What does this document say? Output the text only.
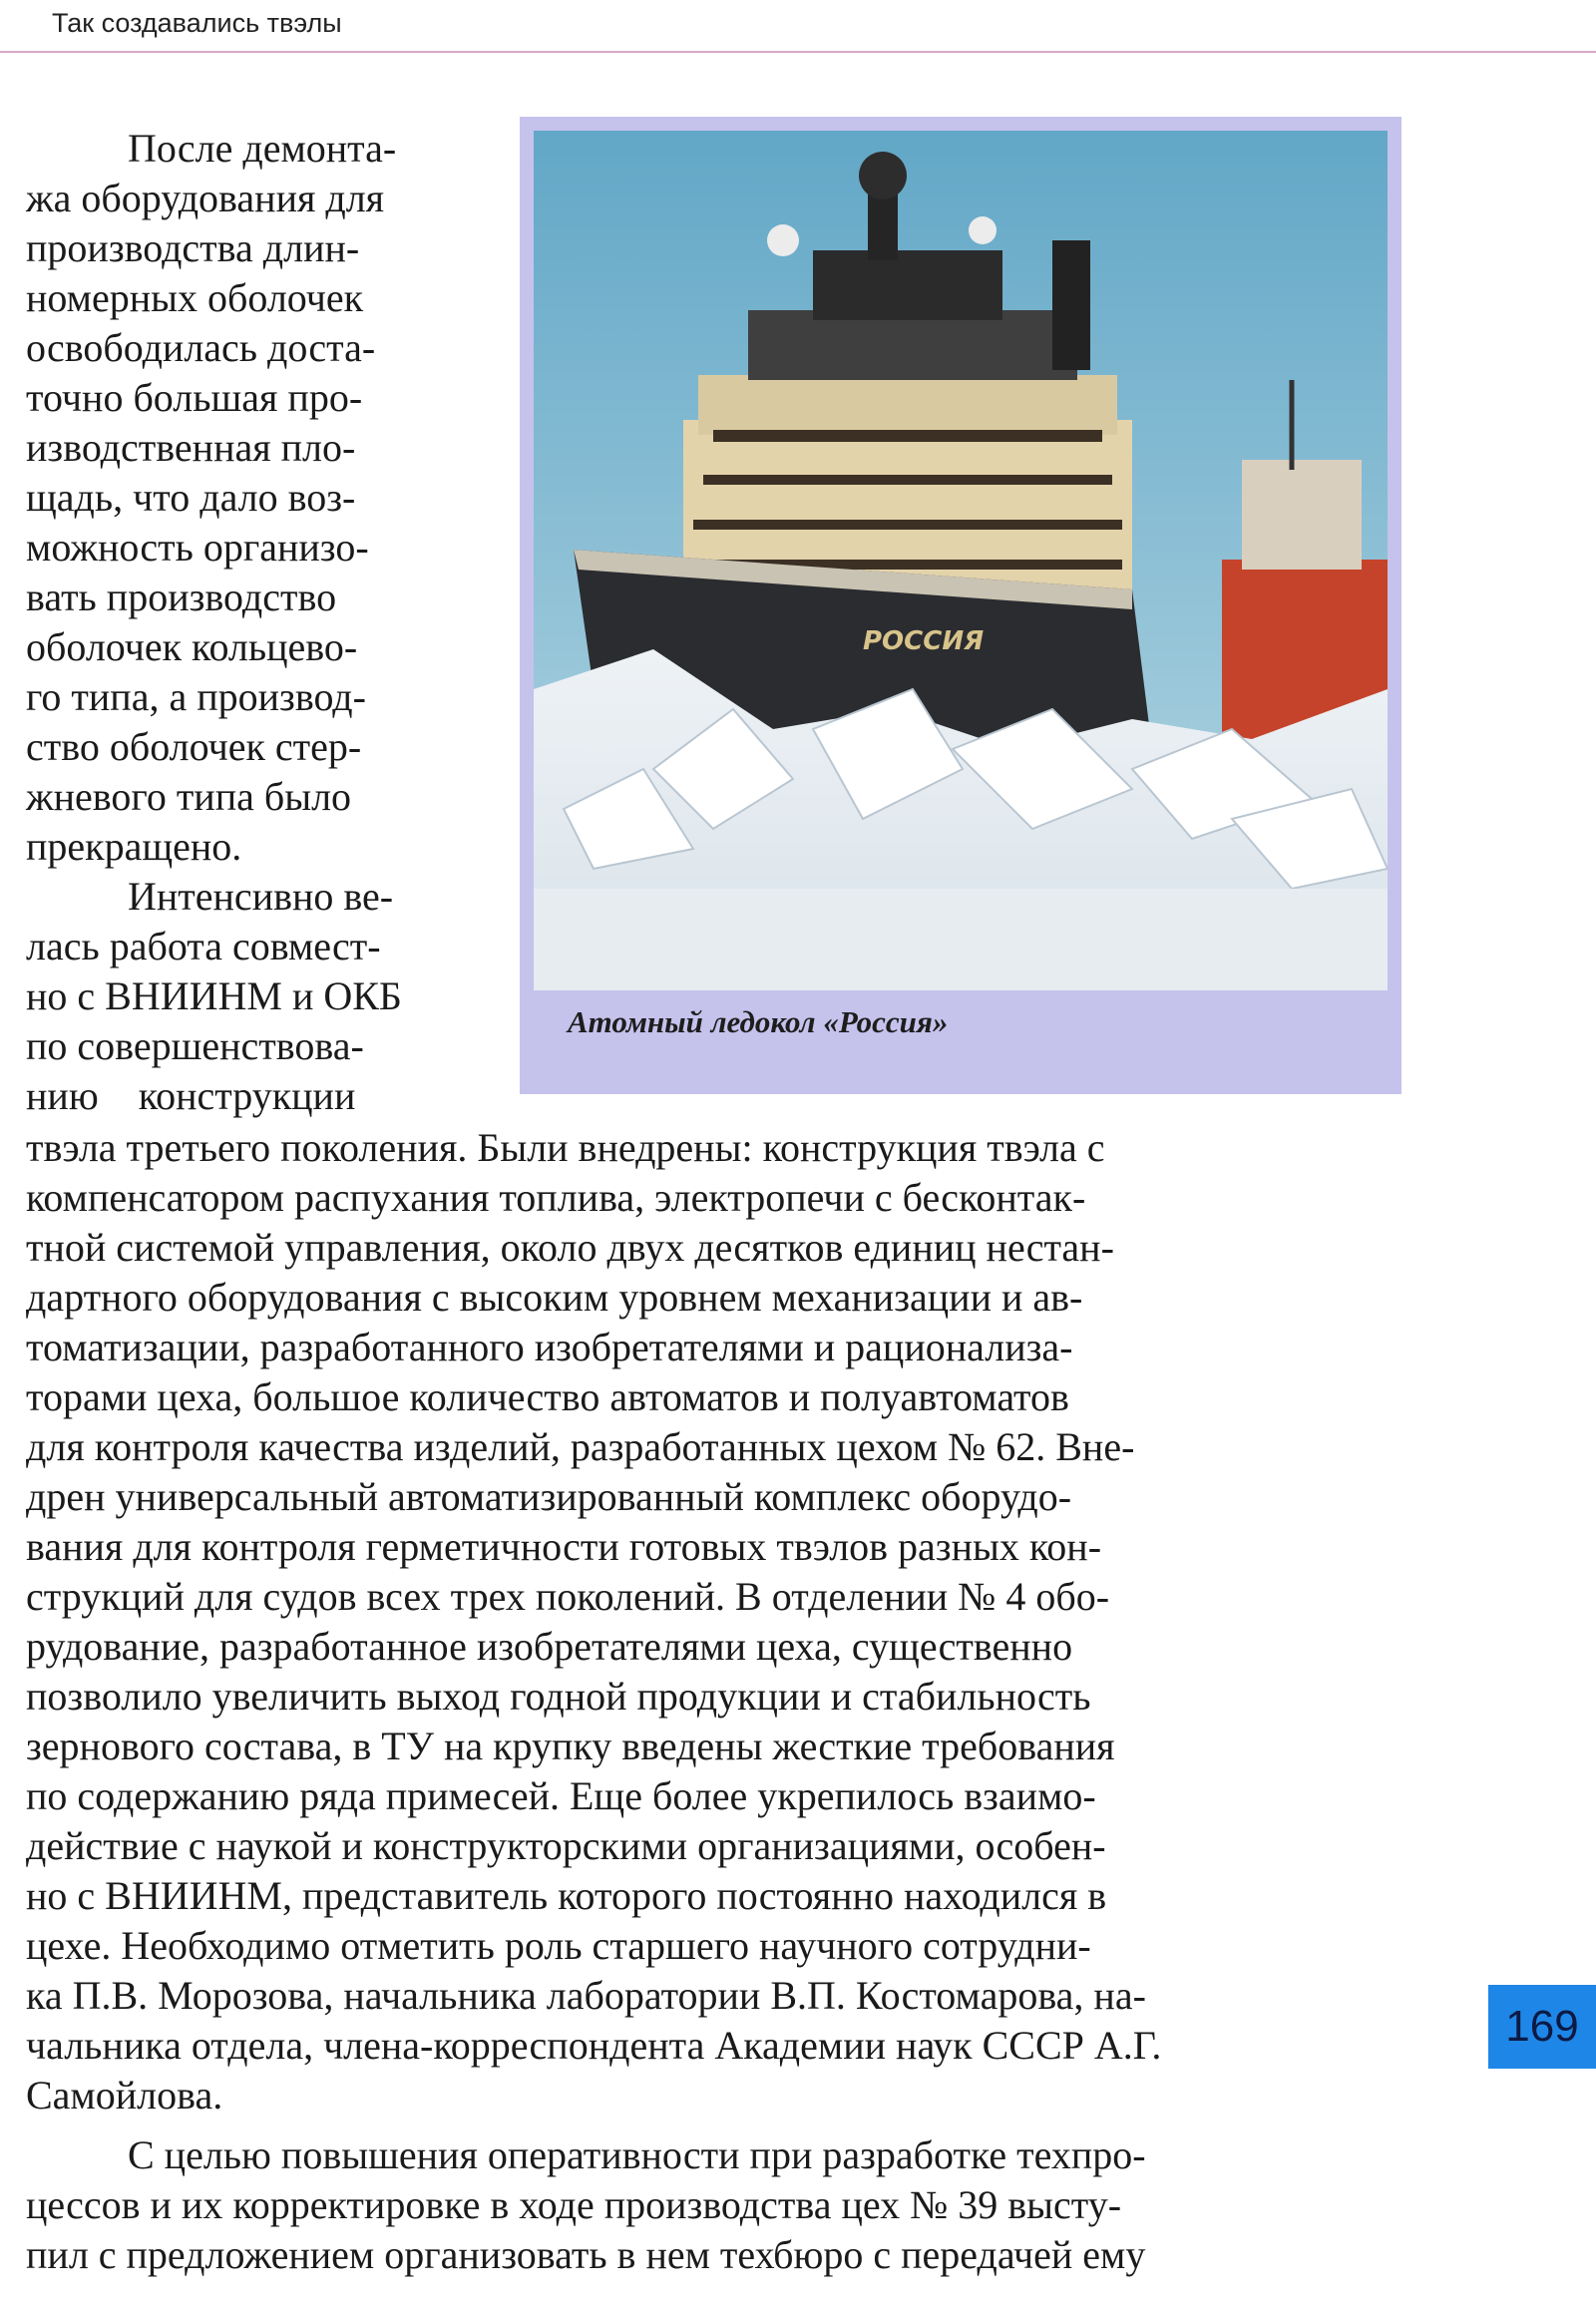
Так создавались твэлы
РОССИЯ
Атомный ледокол «Россия»
После демонта-
жа оборудования для
производства длин-
номерных оболочек
освободилась доста-
точно большая про-
изводственная пло-
щадь, что дало воз-
можность организо-
вать производство
оболочек кольцево-
го типа, а производ-
ство оболочек стер-
жневого типа было
прекращено.
Интенсивно ве-
лась работа совмест-
но с ВНИИНМ и ОКБ
по совершенствова-
нию конструкции
твэла третьего поколения. Были внедрены: конструкция твэла с
компенсатором распухания топлива, электропечи с бесконтак-
тной системой управления, около двух десятков единиц нестан-
дартного оборудования с высоким уровнем механизации и ав-
томатизации, разработанного изобретателями и рационализа-
торами цеха, большое количество автоматов и полуавтоматов
для контроля качества изделий, разработанных цехом № 62. Вне-
дрен универсальный автоматизированный комплекс оборудо-
вания для контроля герметичности готовых твэлов разных кон-
струкций для судов всех трех поколений. В отделении № 4 обо-
рудование, разработанное изобретателями цеха, существенно
позволило увеличить выход годной продукции и стабильность
зернового состава, в ТУ на крупку введены жесткие требования
по содержанию ряда примесей. Еще более укрепилось взаимо-
действие с наукой и конструкторскими организациями, особен-
но с ВНИИНМ, представитель которого постоянно находился в
цехе. Необходимо отметить роль старшего научного сотрудни-
ка П.В. Морозова, начальника лаборатории В.П. Костомарова, на-
чальника отдела, члена-корреспондента Академии наук СССР А.Г.
Самойлова.
С целью повышения оперативности при разработке техпро-
цессов и их корректировке в ходе производства цех № 39 высту-
пил с предложением организовать в нем техбюро с передачей ему
169
